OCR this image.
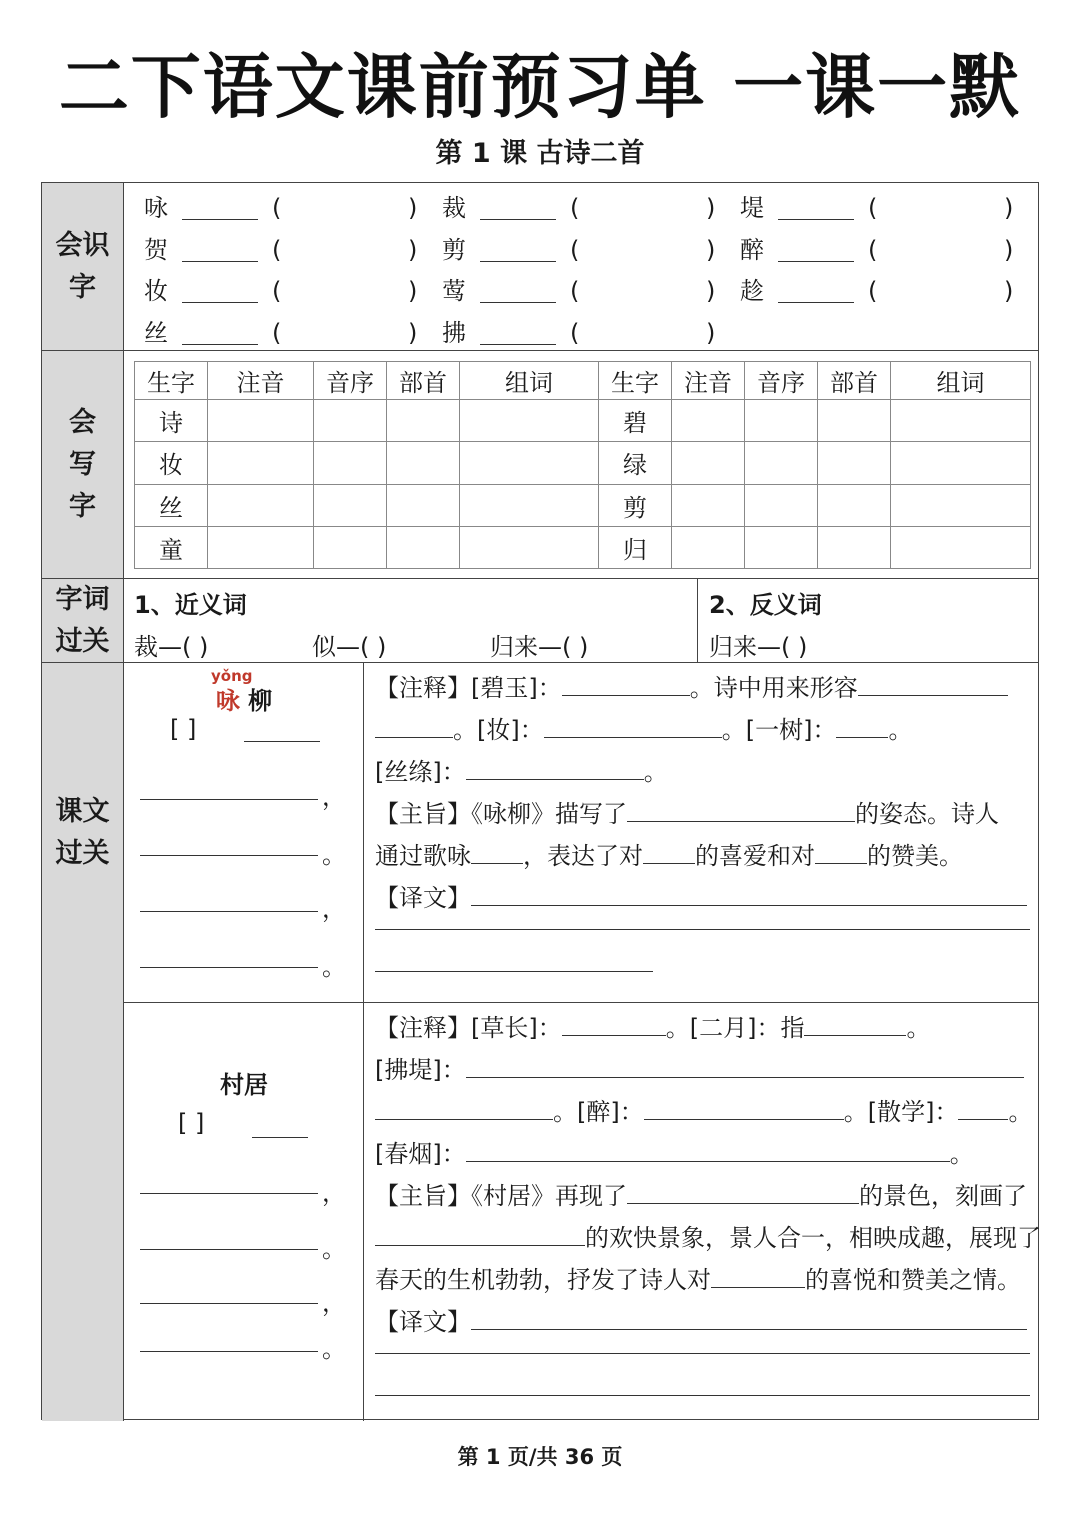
二下语文课前预习单 一课一默
第 1 课 古诗二首
会识
字
咏	(	) 裁	(	) 堤	(	)
贺	(	) 剪	(	) 醉	(	)
妆	(	) 莺	(	) 趁	(	)
丝	(	) 拂	(	)
会
写
字
生字	注音	音序	部首	组词	生字	注音	音序	部首	组词
诗					碧				
妆					绿				
丝					剪				
童					归				
字词
过关
1、近义词
裁—( )	似—( )	归来—( )
2、反义词
归来—( )
课文
过关
yǒng
咏 柳
[ ]
，
。
，
。
【注释】[碧玉]：	。诗中用来形容
。[妆]：	。[一树]： 。
[丝绦]：	。
【主旨】《咏柳》描写了	的姿态。诗人
通过歌咏 ，表达了对 的喜爱和对 的赞美。
【译文】
村居
[ ]
，
。
，
。
【注释】[草长]：	。[二月]：指	。
[拂堤]：
。[醉]：	。[散学]： 。
[春烟]：	。
【主旨】《村居》再现了	的景色，刻画了
的欢快景象，景人合一，相映成趣，展现了
春天的生机勃勃，抒发了诗人对	的喜悦和赞美之情。
【译文】
第 1 页/共 36 页
